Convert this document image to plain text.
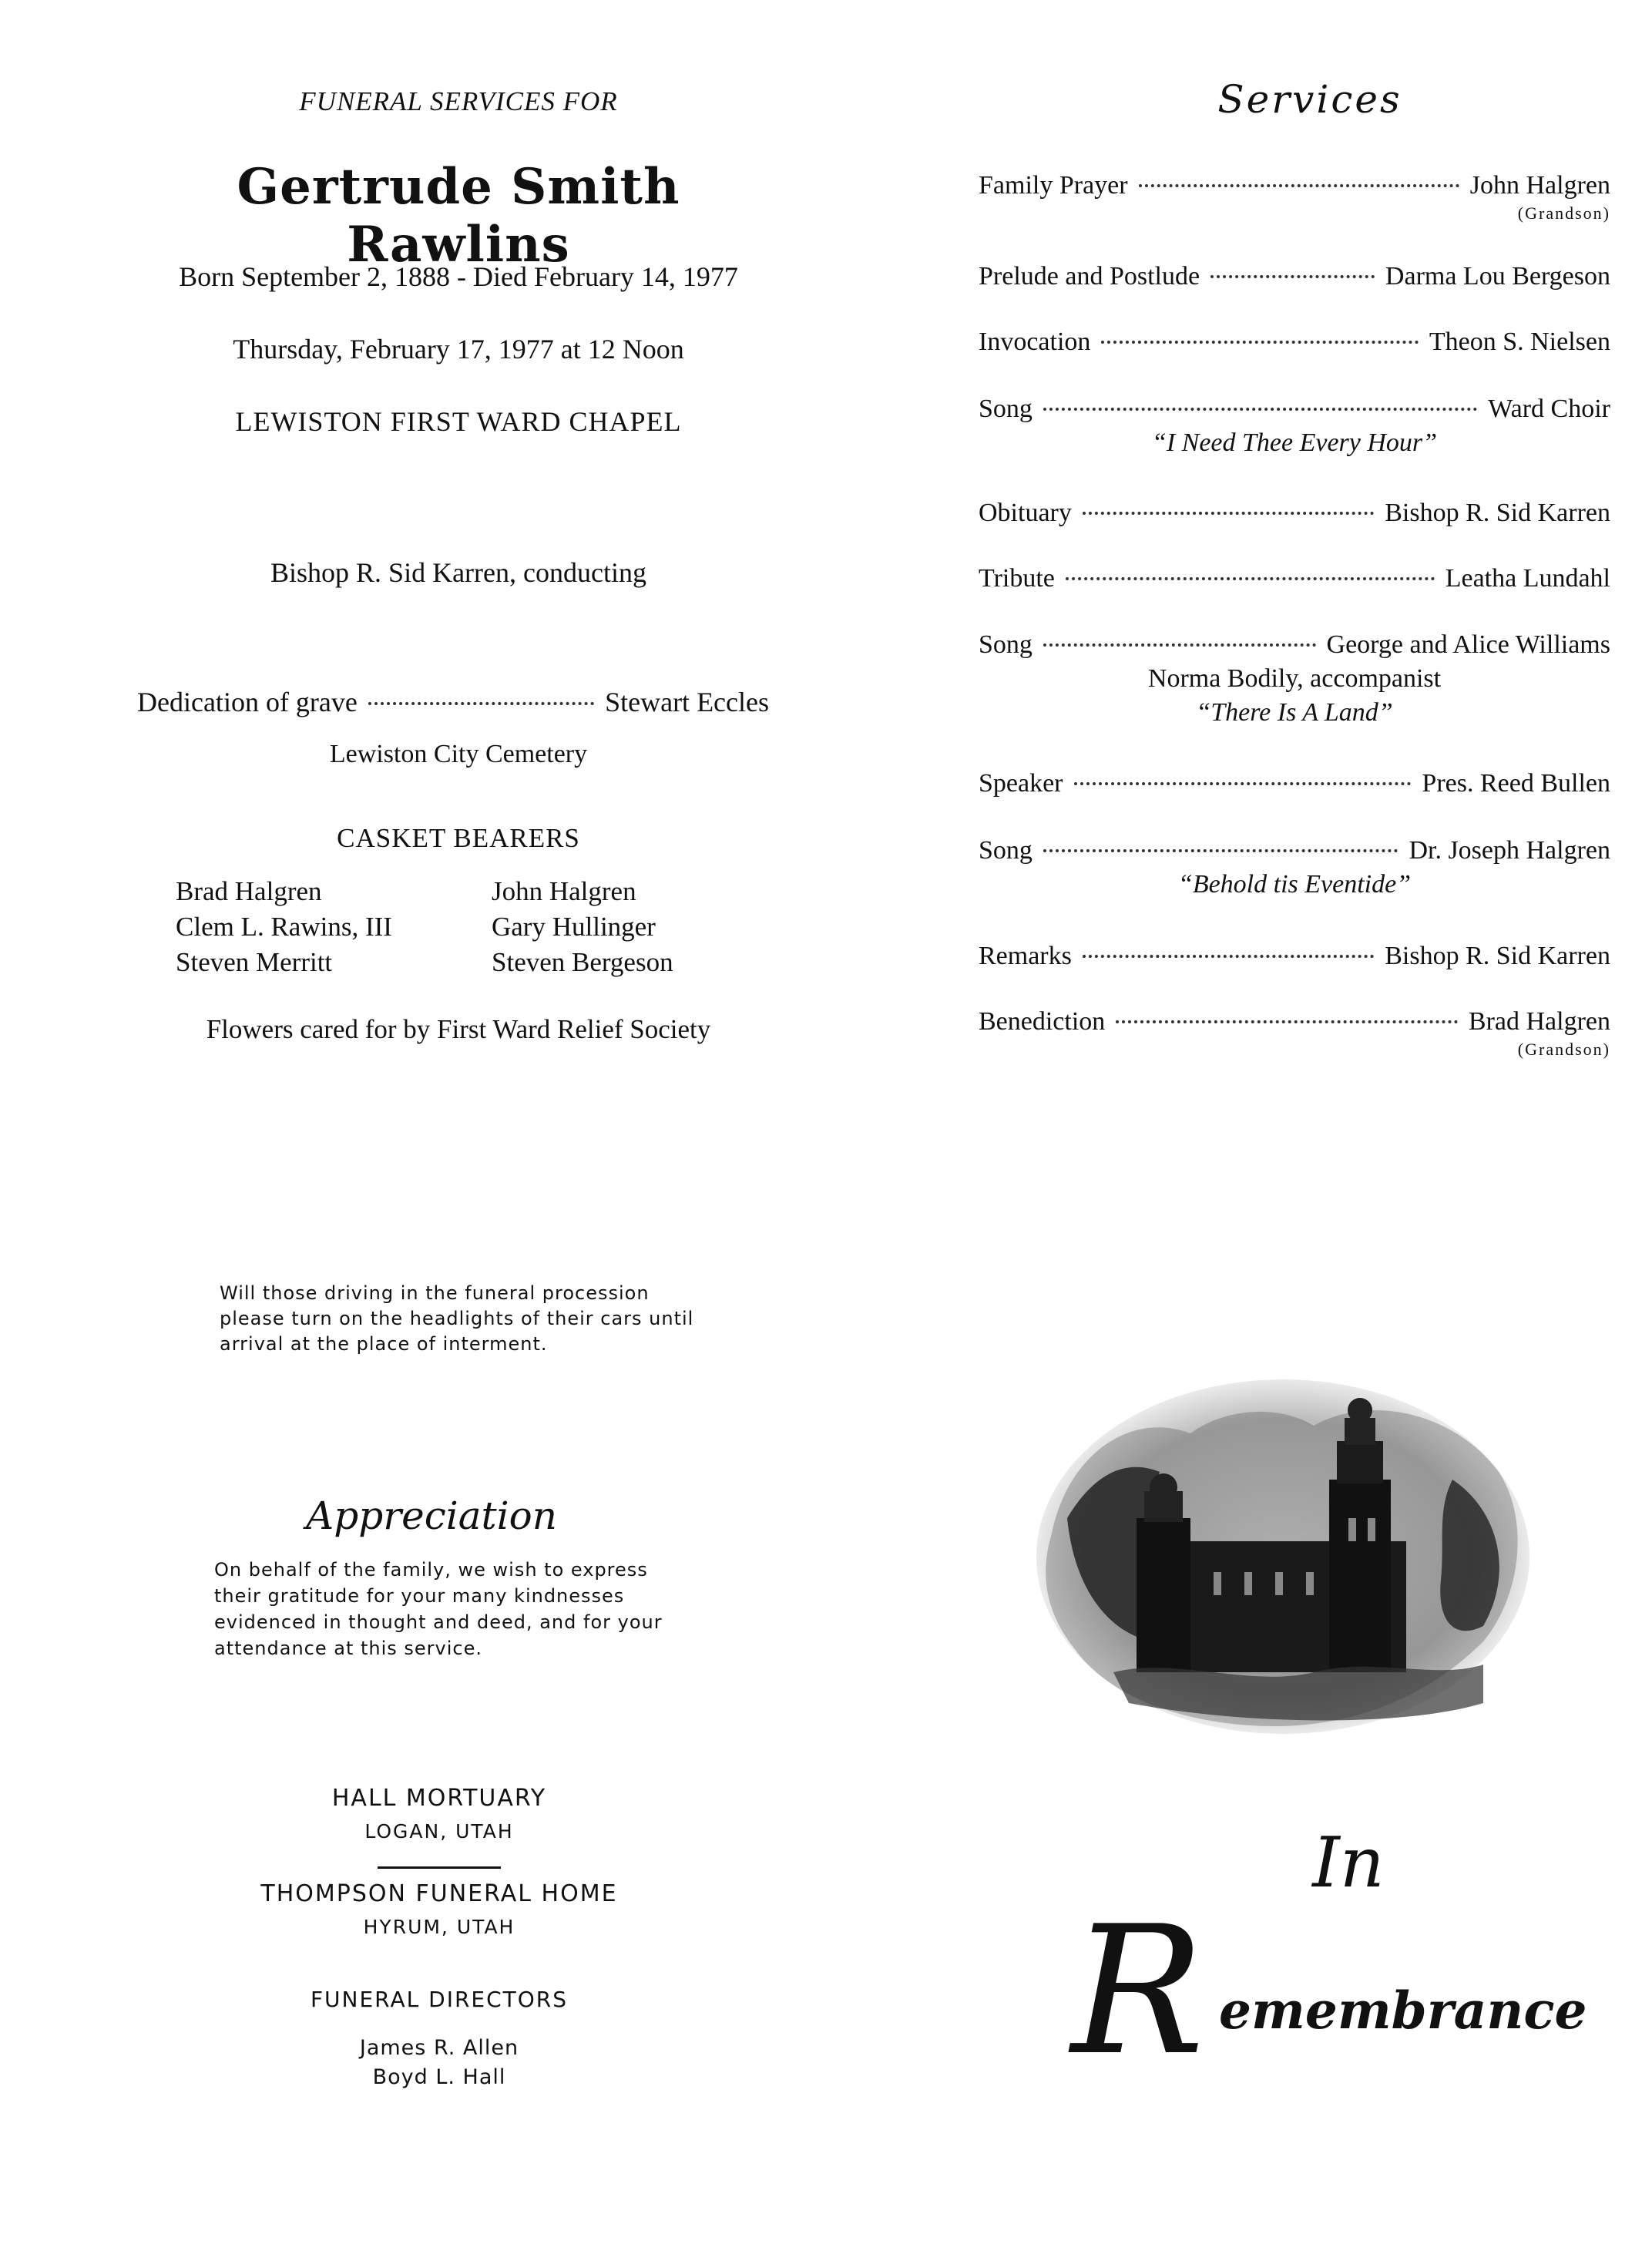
FUNERAL SERVICES FOR
Gertrude Smith Rawlins
Born September 2, 1888 - Died February 14, 1977
Thursday, February 17, 1977 at 12 Noon
LEWISTON FIRST WARD CHAPEL
Bishop R. Sid Karren, conducting
Dedication of grave	Stewart Eccles
Lewiston City Cemetery
CASKET BEARERS
Brad Halgren	John Halgren
Clem L. Rawins, III	Gary Hullinger
Steven Merritt	Steven Bergeson
Flowers cared for by First Ward Relief Society
Will those driving in the funeral procession please turn on the headlights of their cars until arrival at the place of interment.
Appreciation
On behalf of the family, we wish to express their gratitude for your many kindnesses evidenced in thought and deed, and for your attendance at this service.
HALL MORTUARY
LOGAN, UTAH
THOMPSON FUNERAL HOME
HYRUM, UTAH
FUNERAL DIRECTORS
James R. Allen
Boyd L. Hall
Services
Family Prayer	John Halgren
(Grandson)
Prelude and Postlude	Darma Lou Bergeson
Invocation	Theon S. Nielsen
Song	Ward Choir
“I Need Thee Every Hour”
Obituary	Bishop R. Sid Karren
Tribute	Leatha Lundahl
Song	George and Alice Williams
Norma Bodily, accompanist
“There Is A Land”
Speaker	Pres. Reed Bullen
Song	Dr. Joseph Halgren
“Behold tis Eventide”
Remarks	Bishop R. Sid Karren
Benediction	Brad Halgren
(Grandson)
In
R emembrance
